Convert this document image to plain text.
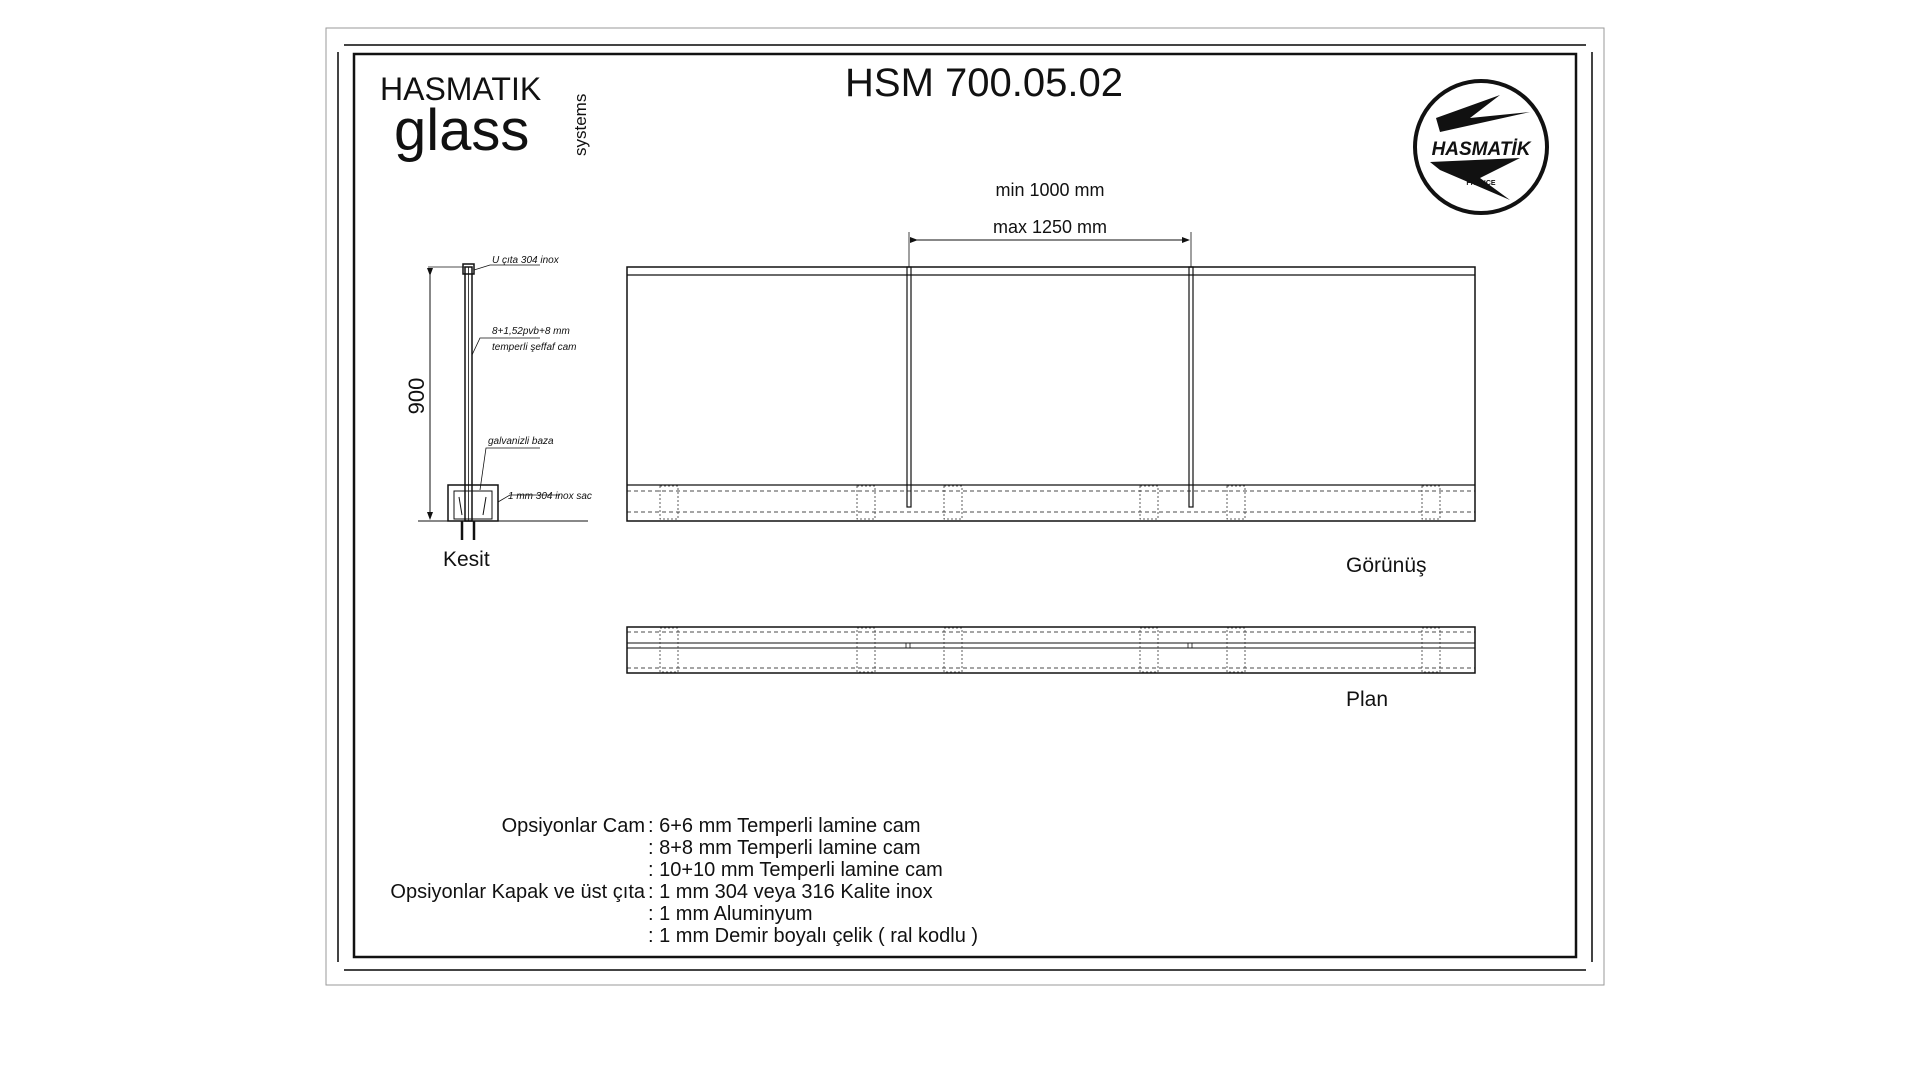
HASMATIK
glass systems
HSM 700.05.02
HASMATİK
FRANCE
900
U çıta 304 inox
8+1,52pvb+8 mm
temperli şeffaf cam
galvanizli baza
1 mm 304 inox sac
Kesit
min 1000 mm
max 1250 mm
Görünüş
Plan
Opsiyonlar Cam : 6+6 mm Temperli lamine cam
: 8+8 mm Temperli lamine cam
: 10+10 mm Temperli lamine cam
Opsiyonlar Kapak ve üst çıta : 1 mm 304 veya 316 Kalite inox
: 1 mm Aluminyum
: 1 mm Demir boyalı çelik ( ral kodlu )
